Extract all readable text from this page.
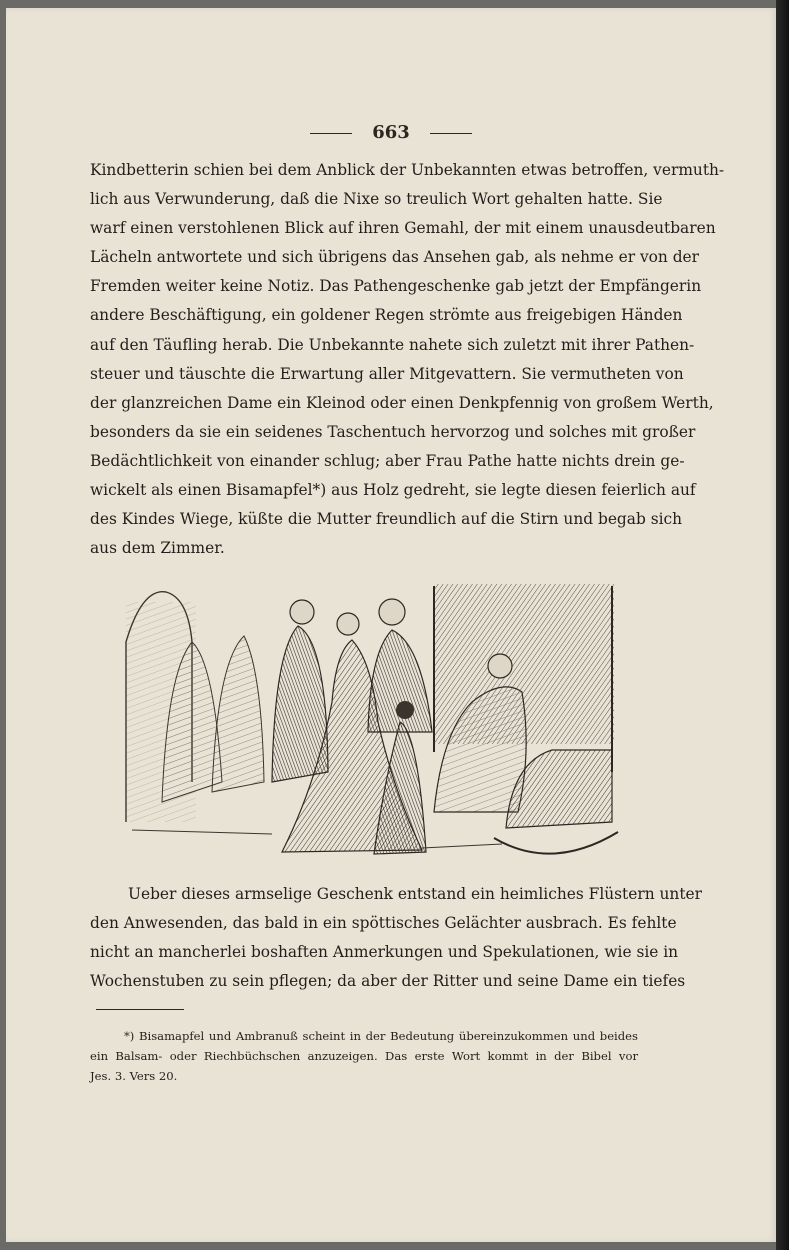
663
Kindbetterin schien bei dem Anblick der Unbekannten etwas betroffen, vermuth-
lich aus Verwunderung, daß die Nixe so treulich Wort gehalten hatte. Sie
warf einen verstohlenen Blick auf ihren Gemahl, der mit einem unausdeutbaren
Lächeln antwortete und sich übrigens das Ansehen gab, als nehme er von der
Fremden weiter keine Notiz. Das Pathengeschenke gab jetzt der Empfängerin
andere Beschäftigung, ein goldener Regen strömte aus freigebigen Händen
auf den Täufling herab. Die Unbekannte nahete sich zuletzt mit ihrer Pathen-
steuer und täuschte die Erwartung aller Mitgevattern. Sie vermutheten von
der glanzreichen Dame ein Kleinod oder einen Denkpfennig von großem Werth,
besonders da sie ein seidenes Taschentuch hervorzog und solches mit großer
Bedächtlichkeit von einander schlug; aber Frau Pathe hatte nichts drein ge-
wickelt als einen Bisamapfel*) aus Holz gedreht, sie legte diesen feierlich auf
des Kindes Wiege, küßte die Mutter freundlich auf die Stirn und begab sich
aus dem Zimmer.
Ueber dieses armselige Geschenk entstand ein heimliches Flüstern unter
den Anwesenden, das bald in ein spöttisches Gelächter ausbrach. Es fehlte
nicht an mancherlei boshaften Anmerkungen und Spekulationen, wie sie in
Wochenstuben zu sein pflegen; da aber der Ritter und seine Dame ein tiefes
*) Bisamapfel und Ambranuß scheint in der Bedeutung übereinzukommen und beides
ein Balsam- oder Riechbüchschen anzuzeigen. Das erste Wort kommt in der Bibel vor
Jes. 3. Vers 20.
